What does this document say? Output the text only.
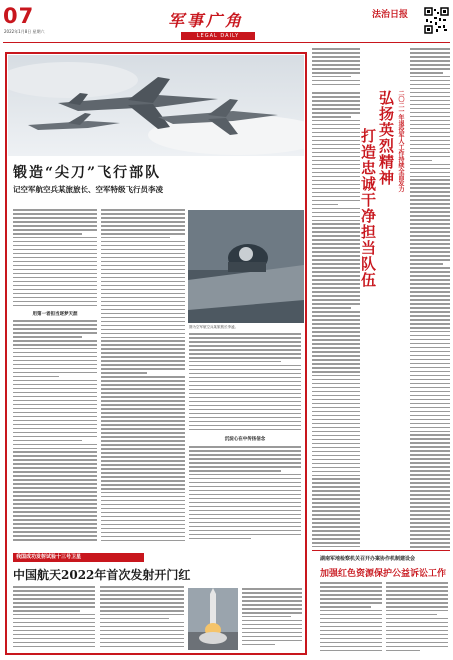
07
2022年1月8日 星期六
军事广角
LEGAL DAILY
法治日报
锻造“尖刀”飞行部队
记空军航空兵某旅旅长、空军特级飞行员李凌
用第一者担当逐梦天涯
图为空军航空兵某旅旅长李凌。
沉淀心在中传扬信念
我国成功发射试验十三号卫星
中国航天2022年首次发射开门红
二〇二一年退役军人工作持续全面发力
弘扬英烈精神
打造忠诚干净担当队伍
湖南军地检察机关召开办案协作机制建设会
加强红色资源保护公益诉讼工作
